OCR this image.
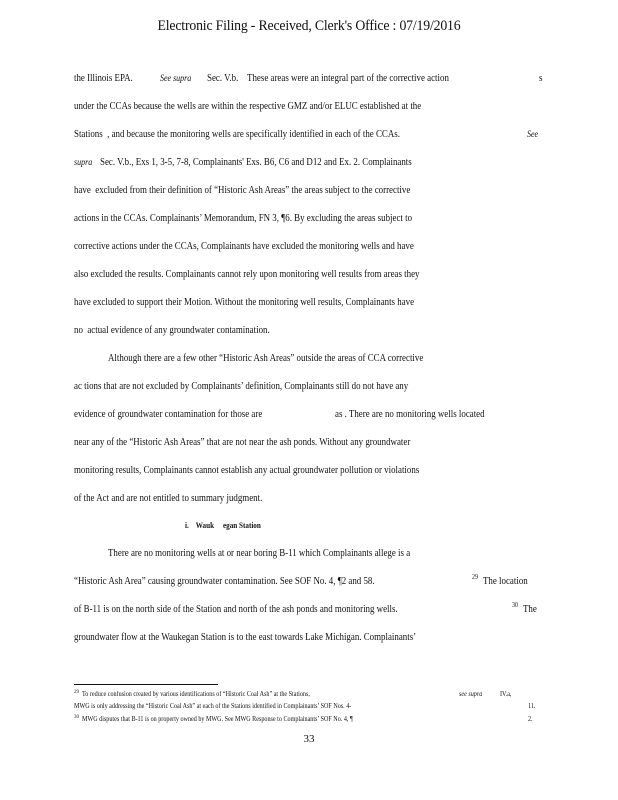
Electronic Filing - Received, Clerk's Office : 07/19/2016
the Illinois EPA.	See supra Sec. V.b.    These areas were an integral part of the corrective action	s
under the CCAs because the wells are within the respective GMZ and/or ELUC established at the
Stations  , and because the monitoring wells are specifically identified in each of the CCAs.	See
supra Sec. V.b., Exs 1, 3-5, 7-8, Complainants' Exs. B6, C6 and D12 and Ex. 2. Complainants
have  excluded from their definition of “Historic Ash Areas” the areas subject to the corrective
actions in the CCAs. Complainants’ Memorandum, FN 3, ¶6. By excluding the areas subject to
corrective actions under the CCAs, Complainants have excluded the monitoring wells and have
also excluded the results. Complainants cannot rely upon monitoring well results from areas they
have excluded to support their Motion. Without the monitoring well results, Complainants have
no  actual evidence of any groundwater contamination.
Although there are a few other “Historic Ash Areas” outside the areas of CCA corrective
ac tions that are not excluded by Complainants’ definition, Complainants still do not have any
evidence of groundwater contamination for those are	as . There are no monitoring wells located
near any of the “Historic Ash Areas” that are not near the ash ponds. Without any groundwater
monitoring results, Complainants cannot establish any actual groundwater pollution or violations
of the Act and are not entitled to summary judgment.
i.    Wauk     egan Station
There are no monitoring wells at or near boring B-11 which Complainants allege is a
“Historic Ash Area” causing groundwater contamination. See SOF No. 4, ¶2 and 58.	29 The location
of B-11 is on the north side of the Station and north of the ash ponds and monitoring wells.	30 The
groundwater flow at the Waukegan Station is to the east towards Lake Michigan. Complainants’
29 To reduce confusion created by various identifications of “Historic Coal Ash” at the Stations,	see supra	IV.a,
MWG is only addressing the “Historic Coal Ash” at each of the Stations identified in Complainants’ SOF Nos. 4-	11.
30 MWG disputes that B-11 is on property owned by MWG. See MWG Response to Complainants’ SOF No. 4, ¶	2.
33
